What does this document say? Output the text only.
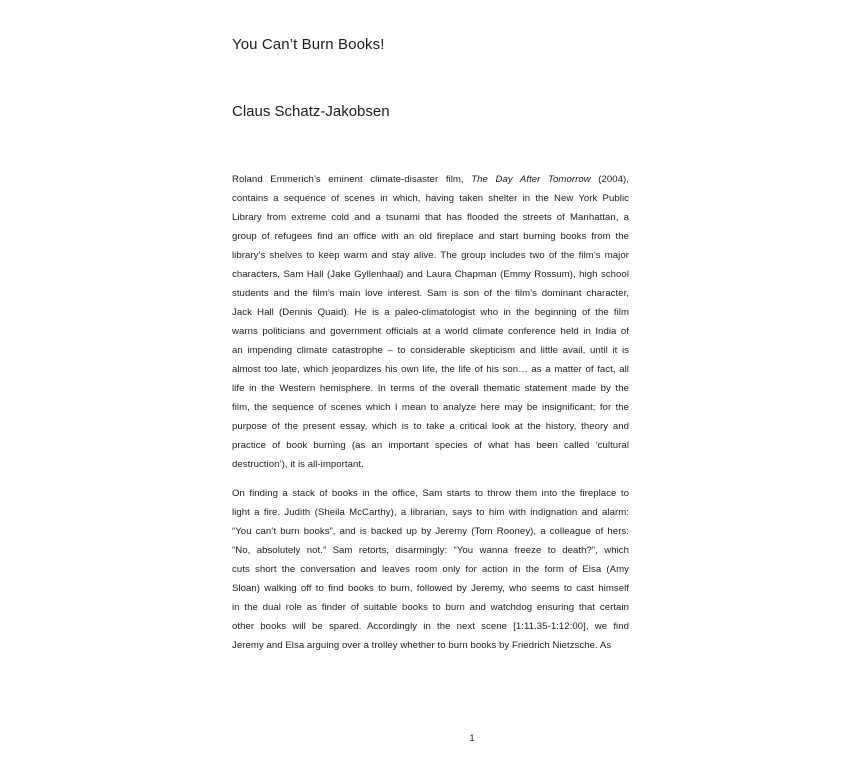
You Can’t Burn Books!
Claus Schatz-Jakobsen

Roland Emmerich’s eminent climate-disaster film, The Day After Tomorrow (2004),
contains a sequence of scenes in which, having taken shelter in the New York Public
Library from extreme cold and a tsunami that has flooded the streets of Manhattan, a
group of refugees find an office with an old fireplace and start burning books from the
library’s shelves to keep warm and stay alive. The group includes two of the film’s major
characters, Sam Hall (Jake Gyllenhaal) and Laura Chapman (Emmy Rossum), high school
students and the film’s main love interest. Sam is son of the film’s dominant character,
Jack Hall (Dennis Quaid). He is a paleo-climatologist who in the beginning of the film
warns politicians and government officials at a world climate conference held in India of
an impending climate catastrophe – to considerable skepticism and little avail, until it is
almost too late, which jeopardizes his own life, the life of his son… as a matter of fact, all
life in the Western hemisphere. In terms of the overall thematic statement made by the
film, the sequence of scenes which I mean to analyze here may be insignificant; for the
purpose of the present essay, which is to take a critical look at the history, theory and
practice of book burning (as an important species of what has been called ‘cultural
destruction’), it is all-important.

On finding a stack of books in the office, Sam starts to throw them into the fireplace to
light a fire. Judith (Sheila McCarthy), a librarian, says to him with indignation and alarm:
“You can’t burn books”, and is backed up by Jeremy (Tom Rooney), a colleague of hers:
“No, absolutely not.” Sam retorts, disarmingly: “You wanna freeze to death?”, which
cuts short the conversation and leaves room only for action in the form of Elsa (Amy
Sloan) walking off to find books to burn, followed by Jeremy, who seems to cast himself
in the dual role as finder of suitable books to burn and watchdog ensuring that certain
other books will be spared. Accordingly in the next scene [1:11.35-1:12:00], we find
Jeremy and Elsa arguing over a trolley whether to burn books by Friedrich Nietzsche. As

1
